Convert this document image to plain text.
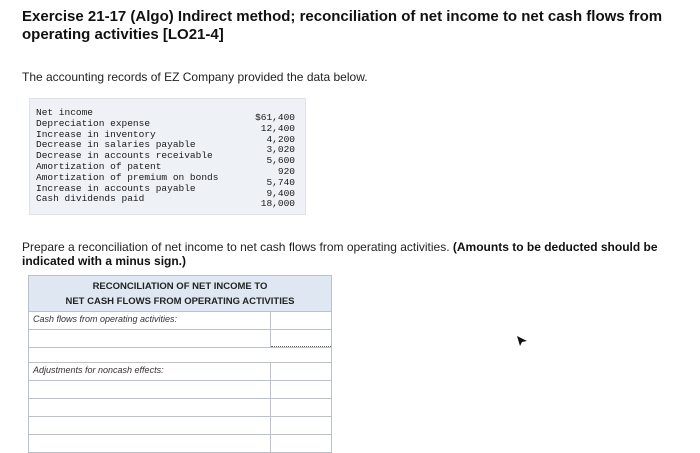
Exercise 21-17 (Algo) Indirect method; reconciliation of net income to net cash flows from operating activities [LO21-4]
The accounting records of EZ Company provided the data below.
Net income
Depreciation expense
Increase in inventory
Decrease in salaries payable
Decrease in accounts receivable
Amortization of patent
Amortization of premium on bonds
Increase in accounts payable
Cash dividends paid
$61,400
12,400
4,200
3,020
5,600
920
5,740
9,400
18,000
Prepare a reconciliation of net income to net cash flows from operating activities. (Amounts to be deducted should be indicated with a minus sign.)
RECONCILIATION OF NET INCOME TO
NET CASH FLOWS FROM OPERATING ACTIVITIES
Cash flows from operating activities:
Adjustments for noncash effects:
